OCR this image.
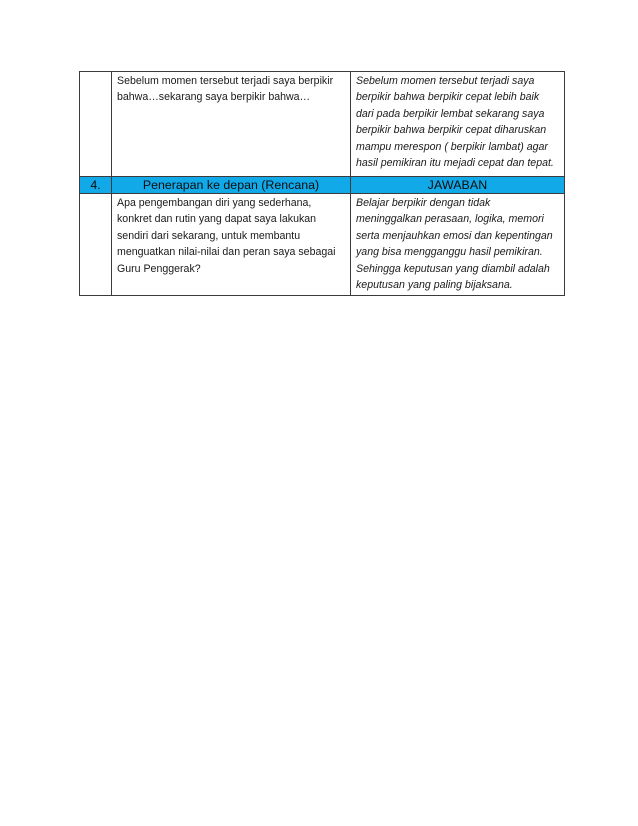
	Sebelum momen tersebut terjadi saya berpikir bahwa…sekarang saya berpikir bahwa…	Sebelum momen tersebut terjadi saya berpikir bahwa berpikir cepat lebih baik dari pada berpikir lembat sekarang saya berpikir bahwa berpikir cepat diharuskan mampu merespon ( berpikir lambat) agar hasil pemikiran itu mejadi cepat dan tepat.
4.	Penerapan ke depan (Rencana)	JAWABAN
	Apa pengembangan diri yang sederhana, konkret dan rutin yang dapat saya lakukan sendiri dari sekarang, untuk membantu menguatkan nilai-nilai dan peran saya sebagai Guru Penggerak?	Belajar berpikir dengan tidak meninggalkan perasaan, logika, memori serta menjauhkan emosi dan kepentingan yang bisa mengganggu hasil pemikiran. Sehingga keputusan yang diambil adalah keputusan yang paling bijaksana.
